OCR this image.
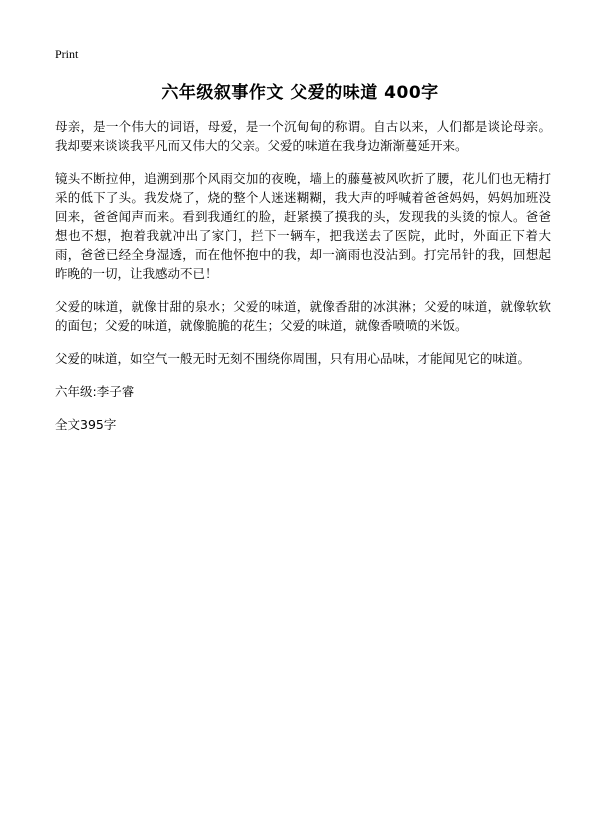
Print
六年级叙事作文 父爱的味道 400字

母亲，是一个伟大的词语，母爱，是一个沉甸甸的称谓。自古以来，人们都是谈论母亲。我却要来谈谈我平凡而又伟大的父亲。父爱的味道在我身边渐渐蔓延开来。

镜头不断拉伸，追溯到那个风雨交加的夜晚，墙上的藤蔓被风吹折了腰，花儿们也无精打采的低下了头。我发烧了，烧的整个人迷迷糊糊，我大声的呼喊着爸爸妈妈，妈妈加班没回来，爸爸闻声而来。看到我通红的脸，赶紧摸了摸我的头，发现我的头烫的惊人。爸爸想也不想，抱着我就冲出了家门，拦下一辆车，把我送去了医院，此时，外面正下着大雨，爸爸已经全身湿透，而在他怀抱中的我，却一滴雨也没沾到。打完吊针的我，回想起昨晚的一切，让我感动不已！

父爱的味道，就像甘甜的泉水；父爱的味道，就像香甜的冰淇淋；父爱的味道，就像软软的面包；父爱的味道，就像脆脆的花生；父爱的味道，就像香喷喷的米饭。

父爱的味道，如空气一般无时无刻不围绕你周围，只有用心品味，才能闻见它的味道。

六年级:李子睿

全文395字
